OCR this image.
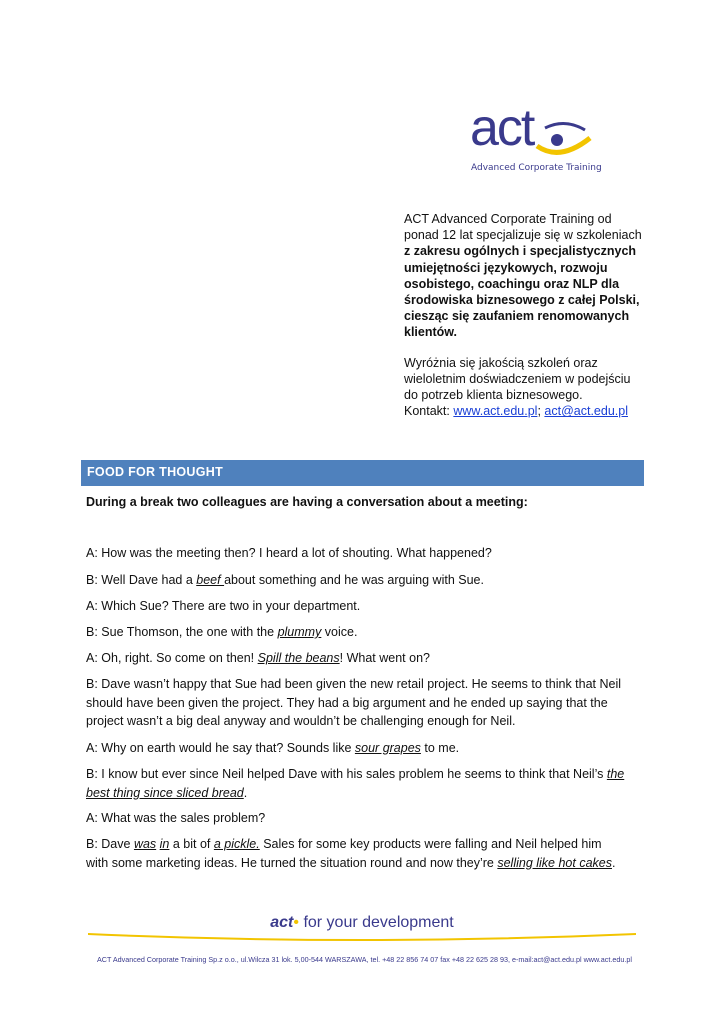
act
Advanced Corporate Training

ACT Advanced Corporate Training od ponad 12 lat specjalizuje się w szkoleniach z zakresu ogólnych i specjalistycznych umiejętności językowych, rozwoju osobistego, coachingu oraz NLP dla środowiska biznesowego z całej Polski, ciesząc się zaufaniem renomowanych klientów.

Wyróżnia się jakością szkoleń oraz wieloletnim doświadczeniem w podejściu do potrzeb klienta biznesowego.
Kontakt: www.act.edu.pl; act@act.edu.pl

FOOD FOR THOUGHT
During a break two colleagues are having a conversation about a meeting:
A: How was the meeting then? I heard a lot of shouting. What happened?
B: Well Dave had a beef about something and he was arguing with Sue.
A: Which Sue? There are two in your department.
B: Sue Thomson, the one with the plummy voice.
A: Oh, right. So come on then! Spill the beans! What went on?
B: Dave wasn’t happy that Sue had been given the new retail project. He seems to think that Neil should have been given the project. They had a big argument and he ended up saying that the project wasn’t a big deal anyway and wouldn’t be challenging enough for Neil.
A: Why on earth would he say that? Sounds like sour grapes to me.
B: I know but ever since Neil helped Dave with his sales problem he seems to think that Neil’s the best thing since sliced bread.
A: What was the sales problem?
B: Dave was in a bit of a pickle. Sales for some key products were falling and Neil helped him with some marketing ideas. He turned the situation round and now they’re selling like hot cakes.
act• for your development
ACT Advanced Corporate Training Sp.z o.o., ul.Wilcza 31 lok. 5,00-544 WARSZAWA, tel. +48 22 856 74 07 fax +48 22 625 28 93, e-mail:act@act.edu.pl www.act.edu.pl
